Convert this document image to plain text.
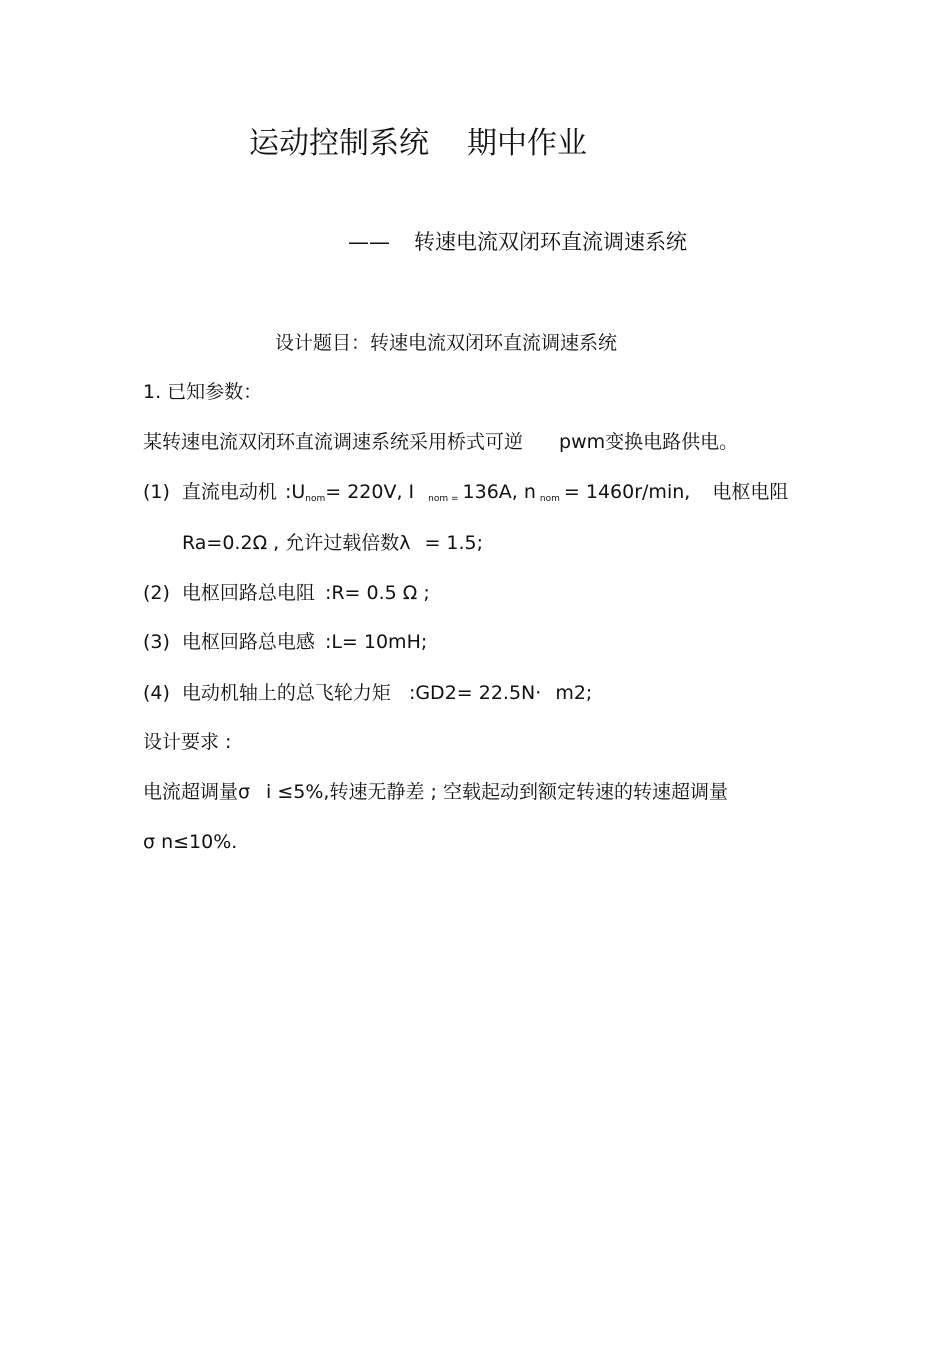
运动控制系统 期中作业
—— 转速电流双闭环直流调速系统
设计题目：转速电流双闭环直流调速系统
1. 已知参数：
某转速电流双闭环直流调速系统采用桥式可逆 pwm变换电路供电。
(1) 直流电动机 :Unom= 220V, I nom = 136A, n nom = 1460r/min, 电枢电阻
Ra=0.2Ω , 允许过载倍数λ = 1.5;
(2) 电枢回路总电阻 :R= 0.5 Ω ;
(3) 电枢回路总电感 :L= 10mH;
(4) 电动机轴上的总飞轮力矩 :GD2= 22.5N· m2;
设计要求 :
电流超调量σ i ≤5%,转速无静差 ; 空载起动到额定转速的转速超调量
σ n≤10%.
